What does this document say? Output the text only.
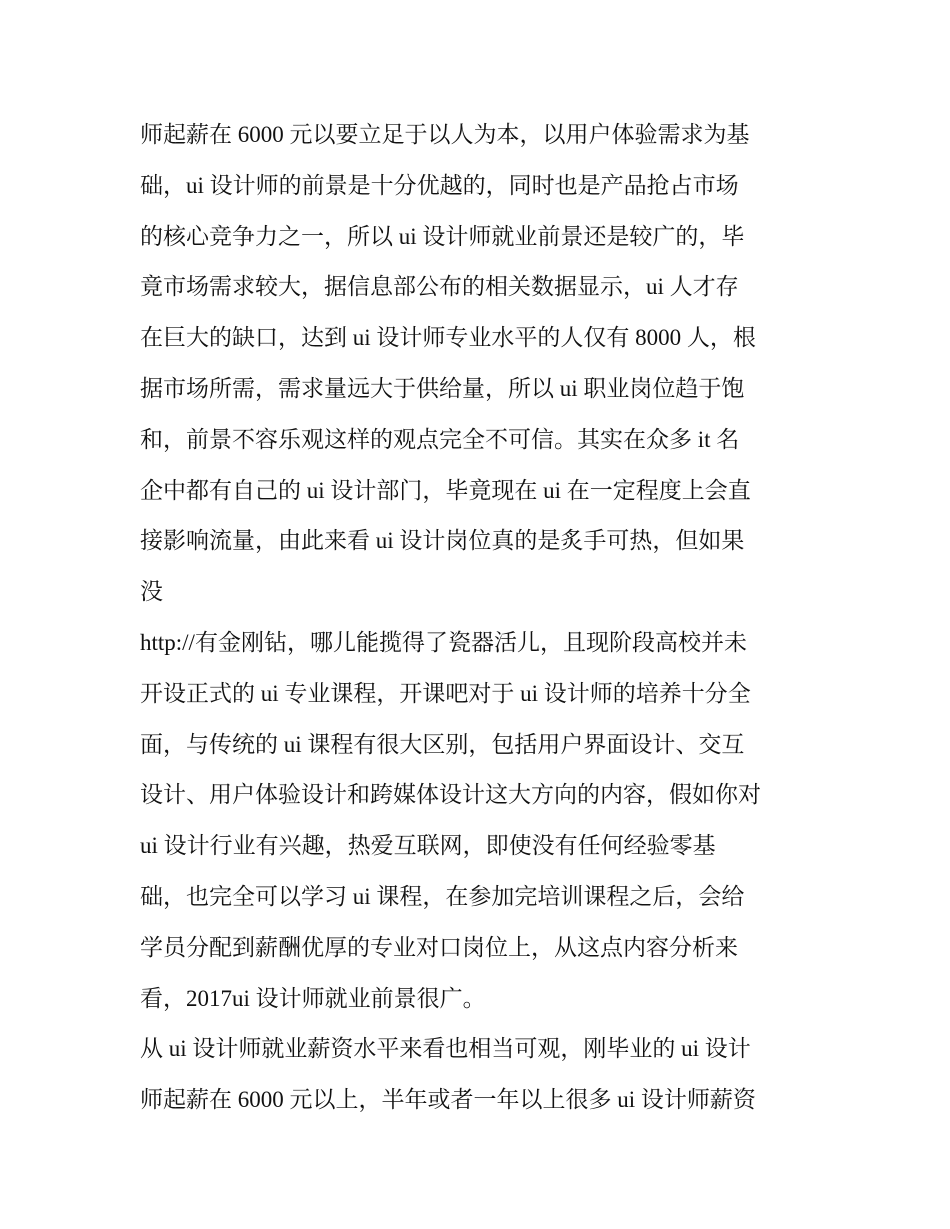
师起薪在 6000 元以要立足于以人为本，以用户体验需求为基
础，ui 设计师的前景是十分优越的，同时也是产品抢占市场
的核心竞争力之一，所以 ui 设计师就业前景还是较广的，毕
竟市场需求较大，据信息部公布的相关数据显示，ui 人才存
在巨大的缺口，达到 ui 设计师专业水平的人仅有 8000 人，根
据市场所需，需求量远大于供给量，所以 ui 职业岗位趋于饱
和，前景不容乐观这样的观点完全不可信。其实在众多 it 名
企中都有自己的 ui 设计部门，毕竟现在 ui 在一定程度上会直
接影响流量，由此来看 ui 设计岗位真的是炙手可热，但如果
没
http://有金刚钻，哪儿能揽得了瓷器活儿，且现阶段高校并未
开设正式的 ui 专业课程，开课吧对于 ui 设计师的培养十分全
面，与传统的 ui 课程有很大区别，包括用户界面设计、交互
设计、用户体验设计和跨媒体设计这大方向的内容，假如你对
ui 设计行业有兴趣，热爱互联网，即使没有任何经验零基
础，也完全可以学习 ui 课程，在参加完培训课程之后，会给
学员分配到薪酬优厚的专业对口岗位上，从这点内容分析来
看，2017ui 设计师就业前景很广。
从 ui 设计师就业薪资水平来看也相当可观，刚毕业的 ui 设计
师起薪在 6000 元以上，半年或者一年以上很多 ui 设计师薪资
